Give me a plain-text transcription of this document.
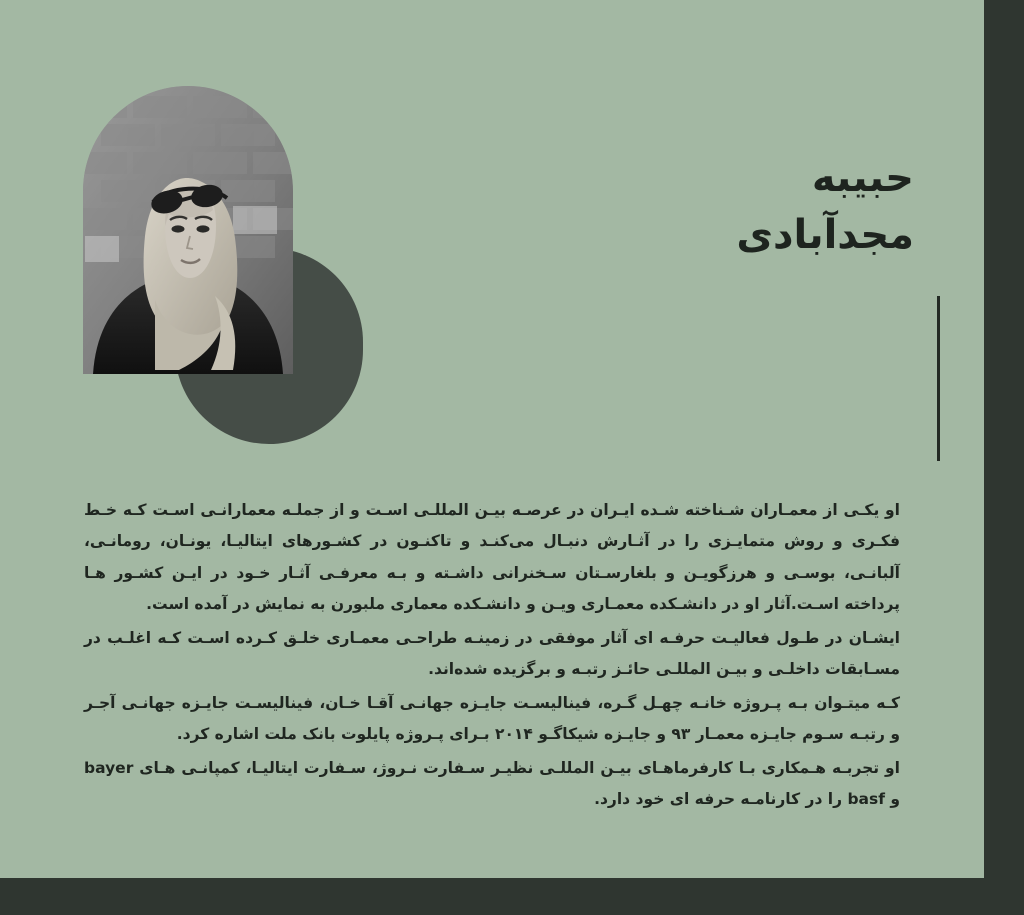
حبیبه
مجدآبادی

او یکـی از معمـاران شـناخته شـده ایـران در عرصـه بیـن المللـی اسـت و از جملـه معمارانـی اسـت کـه خـط فکـری و روش متمایـزی را در آثـارش دنبـال می‌کنـد و تاکنـون در کشـورهای ایتالیـا، یونـان، رومانـی، آلبانـی، بوسـی و هرزگویـن و بلغارسـتان سـخنرانی داشـته و بـه معرفـی آثـار خـود در ایـن کشـور هـا پرداخته اسـت.آثار او در دانشـکده معمـاری ویـن و دانشـکده معماری ملبورن به نمایش در آمده است.

ایشـان در طـول فعالیـت حرفـه ای آثار موفقی در زمینـه طراحـی معمـاری خلـق کـرده اسـت کـه اغلـب در مسـابقات داخلـی و بیـن المللـی حائـز رتبـه و برگزیده شده‌اند.

کـه میتـوان بـه پـروژه خانـه چهـل گـره، فینالیسـت جایـزه جهانـی آقـا خـان، فینالیسـت جایـزه جهانـی آجـر و رتبـه سـوم جایـزه معمـار ۹۳ و جایـزه شیکاگـو ۲۰۱۴ بـرای پـروژه پایلوت بانک ملت اشاره کرد.

او تجربـه هـمکاری بـا کارفرماهـای بیـن المللـی نظیـر سـفارت نـروژ، سـفارت ایتالیـا، کمپانـی هـای bayer و basf را در کارنامـه حرفه ای خود دارد.
